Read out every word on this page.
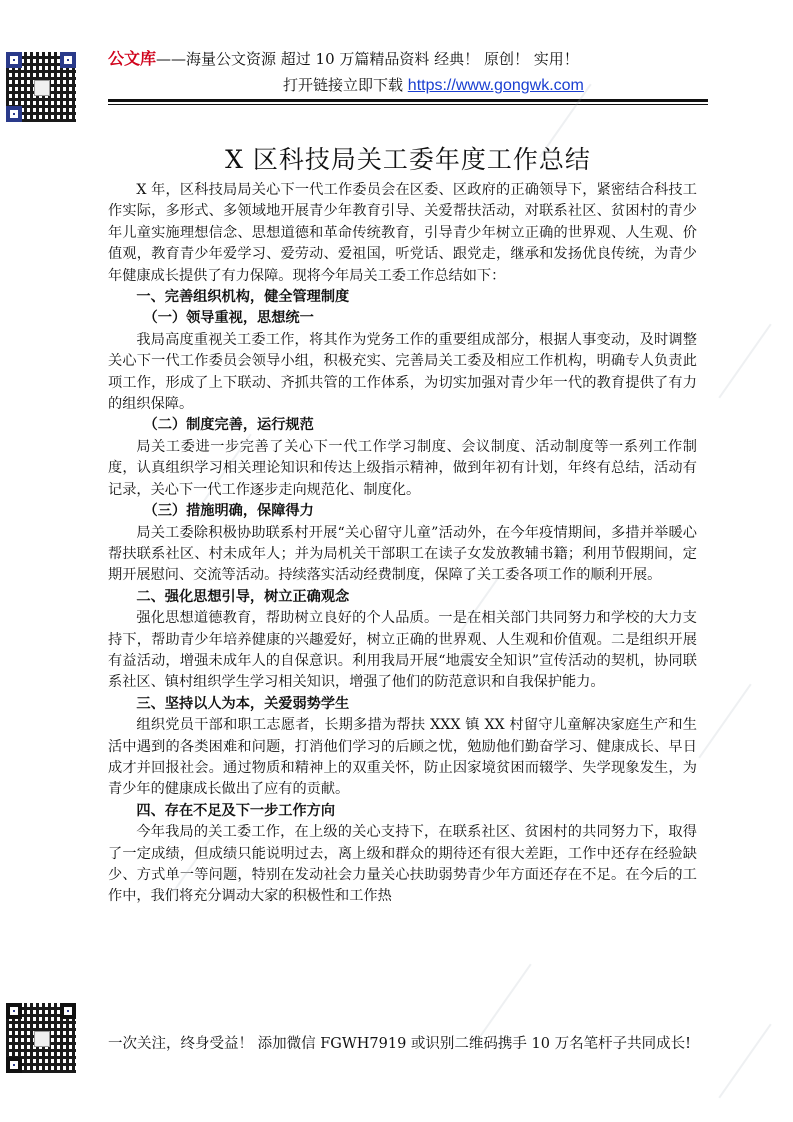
公文库——海量公文资源 超过 10 万篇精品资料 经典！ 原创！ 实用！
打开链接立即下载 https://www.gongwk.com
X 区科技局关工委年度工作总结

X 年，区科技局局关心下一代工作委员会在区委、区政府的正确领导下，紧密结合科技工作实际，多形式、多领域地开展青少年教育引导、关爱帮扶活动，对联系社区、贫困村的青少年儿童实施理想信念、思想道德和革命传统教育，引导青少年树立正确的世界观、人生观、价值观，教育青少年爱学习、爱劳动、爱祖国，听党话、跟党走，继承和发扬优良传统，为青少年健康成长提供了有力保障。现将今年局关工委工作总结如下：

一、完善组织机构，健全管理制度
（一）领导重视，思想统一

我局高度重视关工委工作，将其作为党务工作的重要组成部分，根据人事变动，及时调整关心下一代工作委员会领导小组，积极充实、完善局关工委及相应工作机构，明确专人负责此项工作，形成了上下联动、齐抓共管的工作体系，为切实加强对青少年一代的教育提供了有力的组织保障。

（二）制度完善，运行规范

局关工委进一步完善了关心下一代工作学习制度、会议制度、活动制度等一系列工作制度，认真组织学习相关理论知识和传达上级指示精神，做到年初有计划，年终有总结，活动有记录，关心下一代工作逐步走向规范化、制度化。

（三）措施明确，保障得力

局关工委除积极协助联系村开展“关心留守儿童”活动外，在今年疫情期间，多措并举暖心帮扶联系社区、村未成年人；并为局机关干部职工在读子女发放教辅书籍；利用节假期间，定期开展慰问、交流等活动。持续落实活动经费制度，保障了关工委各项工作的顺利开展。

二、强化思想引导，树立正确观念

强化思想道德教育，帮助树立良好的个人品质。一是在相关部门共同努力和学校的大力支持下，帮助青少年培养健康的兴趣爱好，树立正确的世界观、人生观和价值观。二是组织开展有益活动，增强未成年人的自保意识。利用我局开展“地震安全知识”宣传活动的契机，协同联系社区、镇村组织学生学习相关知识，增强了他们的防范意识和自我保护能力。

三、坚持以人为本，关爱弱势学生

组织党员干部和职工志愿者，长期多措为帮扶 XXX 镇 XX 村留守儿童解决家庭生产和生活中遇到的各类困难和问题，打消他们学习的后顾之忧，勉励他们勤奋学习、健康成长、早日成才并回报社会。通过物质和精神上的双重关怀，防止因家境贫困而辍学、失学现象发生，为青少年的健康成长做出了应有的贡献。

四、存在不足及下一步工作方向

今年我局的关工委工作，在上级的关心支持下，在联系社区、贫困村的共同努力下，取得了一定成绩，但成绩只能说明过去，离上级和群众的期待还有很大差距，工作中还存在经验缺少、方式单一等问题，特别在发动社会力量关心扶助弱势青少年方面还存在不足。在今后的工作中，我们将充分调动大家的积极性和工作热

一次关注，终身受益！ 添加微信 FGWH7919 或识别二维码携手 10 万名笔杆子共同成长!
